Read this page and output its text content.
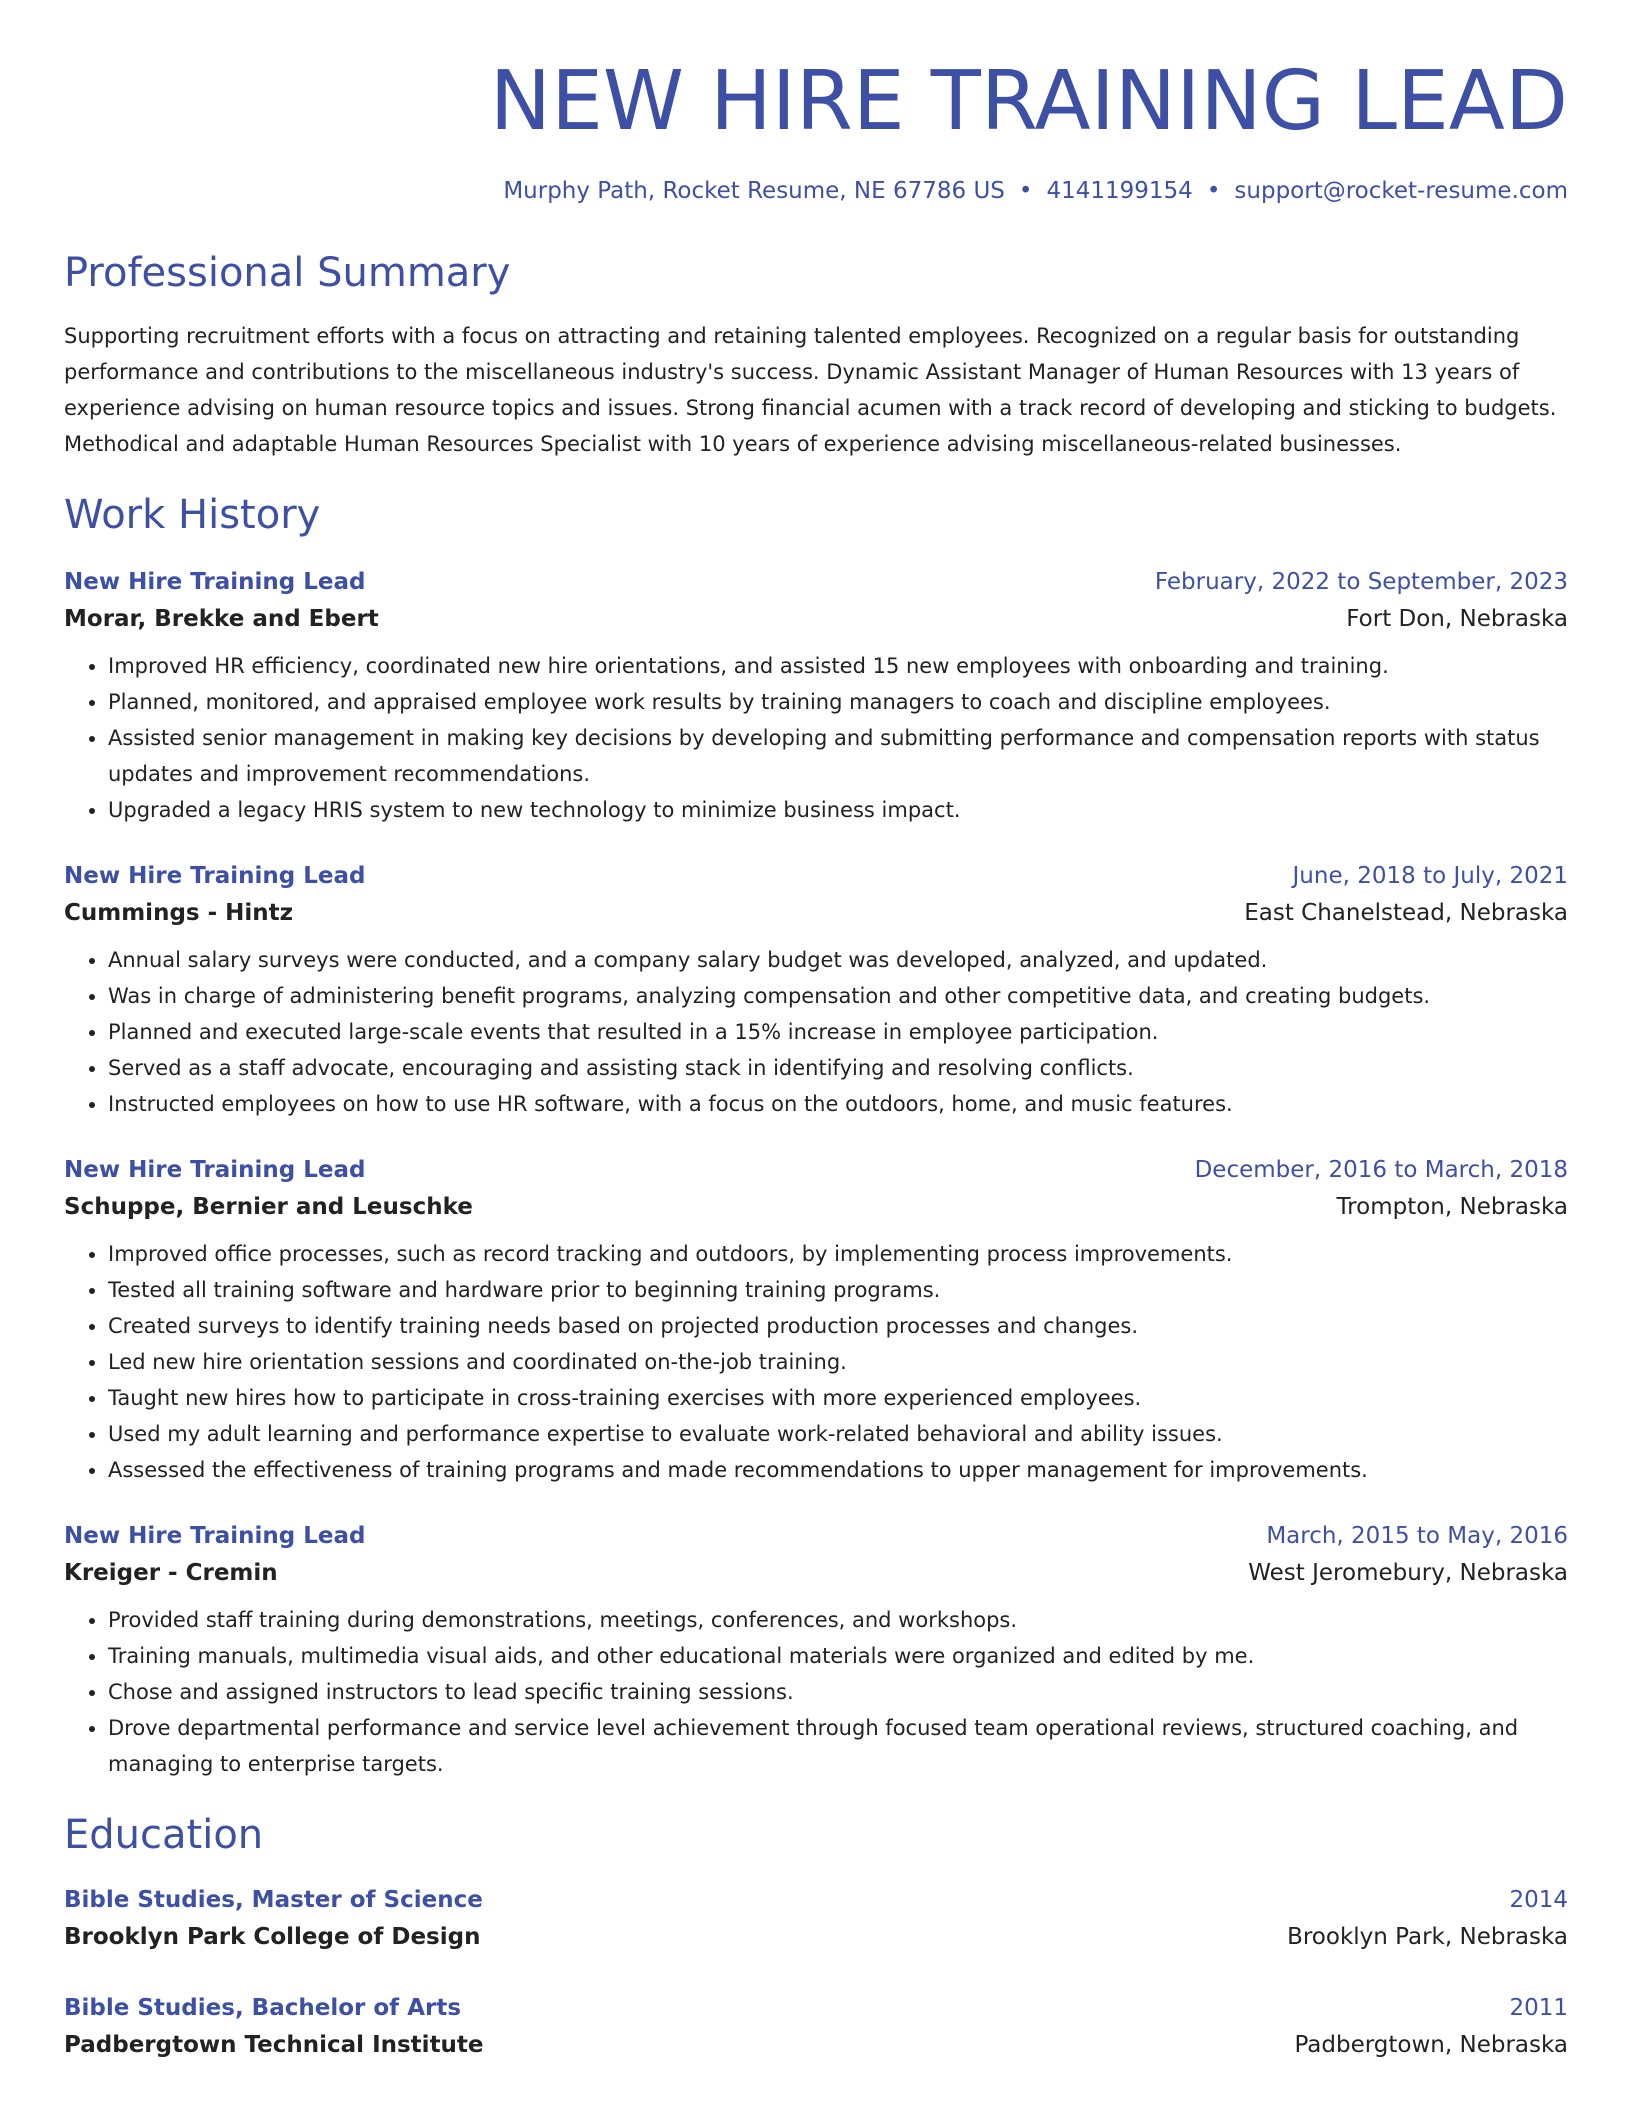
NEW HIRE TRAINING LEAD
Murphy Path, Rocket Resume, NE 67786 US • 4141199154 • support@rocket-resume.com
Professional Summary

Supporting recruitment efforts with a focus on attracting and retaining talented employees. Recognized on a regular basis for outstanding performance and contributions to the miscellaneous industry's success. Dynamic Assistant Manager of Human Resources with 13 years of experience advising on human resource topics and issues. Strong financial acumen with a track record of developing and sticking to budgets. Methodical and adaptable Human Resources Specialist with 10 years of experience advising miscellaneous-related businesses.

Work History
New Hire Training Lead	February, 2022 to September, 2023
Morar, Brekke and Ebert	Fort Don, Nebraska
• Improved HR efficiency, coordinated new hire orientations, and assisted 15 new employees with onboarding and training.
• Planned, monitored, and appraised employee work results by training managers to coach and discipline employees.
• Assisted senior management in making key decisions by developing and submitting performance and compensation reports with status updates and improvement recommendations.
• Upgraded a legacy HRIS system to new technology to minimize business impact.
New Hire Training Lead	June, 2018 to July, 2021
Cummings - Hintz	East Chanelstead, Nebraska
• Annual salary surveys were conducted, and a company salary budget was developed, analyzed, and updated.
• Was in charge of administering benefit programs, analyzing compensation and other competitive data, and creating budgets.
• Planned and executed large-scale events that resulted in a 15% increase in employee participation.
• Served as a staff advocate, encouraging and assisting stack in identifying and resolving conflicts.
• Instructed employees on how to use HR software, with a focus on the outdoors, home, and music features.
New Hire Training Lead	December, 2016 to March, 2018
Schuppe, Bernier and Leuschke	Trompton, Nebraska
• Improved office processes, such as record tracking and outdoors, by implementing process improvements.
• Tested all training software and hardware prior to beginning training programs.
• Created surveys to identify training needs based on projected production processes and changes.
• Led new hire orientation sessions and coordinated on-the-job training.
• Taught new hires how to participate in cross-training exercises with more experienced employees.
• Used my adult learning and performance expertise to evaluate work-related behavioral and ability issues.
• Assessed the effectiveness of training programs and made recommendations to upper management for improvements.
New Hire Training Lead	March, 2015 to May, 2016
Kreiger - Cremin	West Jeromebury, Nebraska
• Provided staff training during demonstrations, meetings, conferences, and workshops.
• Training manuals, multimedia visual aids, and other educational materials were organized and edited by me.
• Chose and assigned instructors to lead specific training sessions.
• Drove departmental performance and service level achievement through focused team operational reviews, structured coaching, and managing to enterprise targets.
Education
Bible Studies, Master of Science	2014
Brooklyn Park College of Design	Brooklyn Park, Nebraska
Bible Studies, Bachelor of Arts	2011
Padbergtown Technical Institute	Padbergtown, Nebraska
